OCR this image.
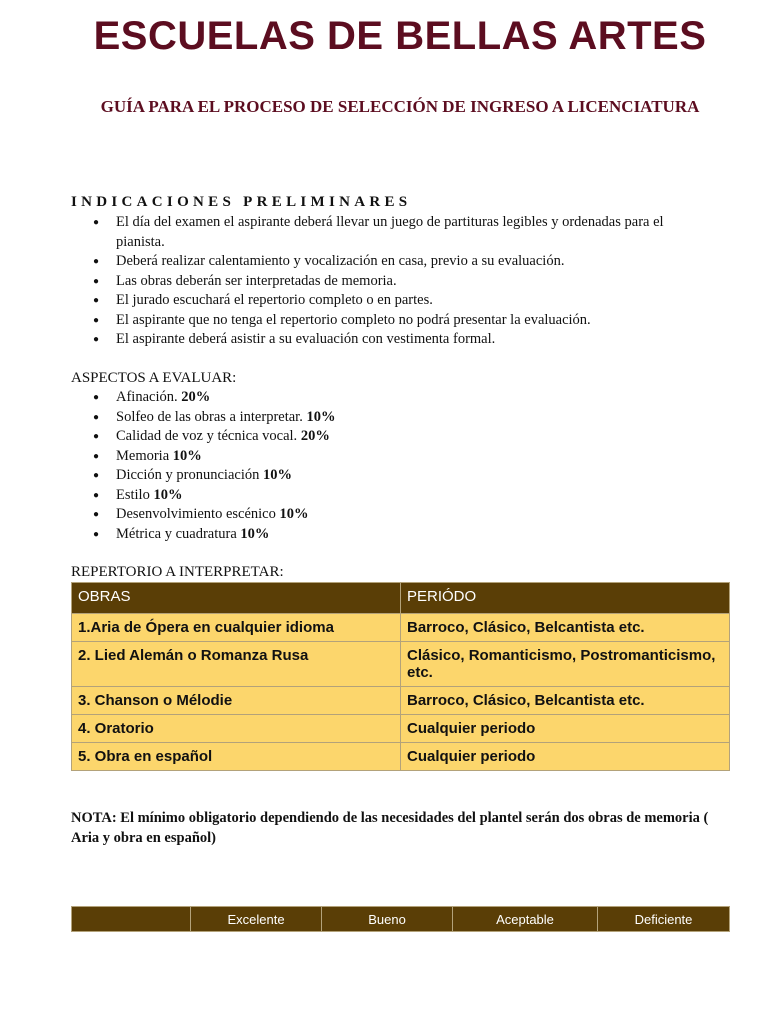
ESCUELAS DE BELLAS ARTES
GUÍA PARA EL PROCESO DE SELECCIÓN DE INGRESO A LICENCIATURA
INDICACIONES PRELIMINARES
● El día del examen el aspirante deberá llevar un juego de partituras legibles y ordenadas para el pianista.
● Deberá realizar calentamiento y vocalización en casa, previo a su evaluación.
● Las obras deberán ser interpretadas de memoria.
● El jurado escuchará el repertorio completo o en partes.
● El aspirante que no tenga el repertorio completo no podrá presentar la evaluación.
● El aspirante deberá asistir a su evaluación con vestimenta formal.
ASPECTOS A EVALUAR:
● Afinación. 20%
● Solfeo de las obras a interpretar. 10%
● Calidad de voz y técnica vocal. 20%
● Memoria 10%
● Dicción y pronunciación 10%
● Estilo 10%
● Desenvolvimiento escénico 10%
● Métrica y cuadratura 10%
REPERTORIO A INTERPRETAR:
OBRAS	PERIÓDO
1.Aria de Ópera en cualquier idioma	Barroco, Clásico, Belcantista etc.
2. Lied Alemán o Romanza Rusa	Clásico, Romanticismo, Postromanticismo, etc.
3. Chanson o Mélodie	Barroco, Clásico, Belcantista etc.
4. Oratorio	Cualquier periodo
5. Obra en español	Cualquier periodo
NOTA: El mínimo obligatorio dependiendo de las necesidades del plantel serán dos obras de memoria ( Aria y obra en español)
	Excelente	Bueno	Aceptable	Deficiente
